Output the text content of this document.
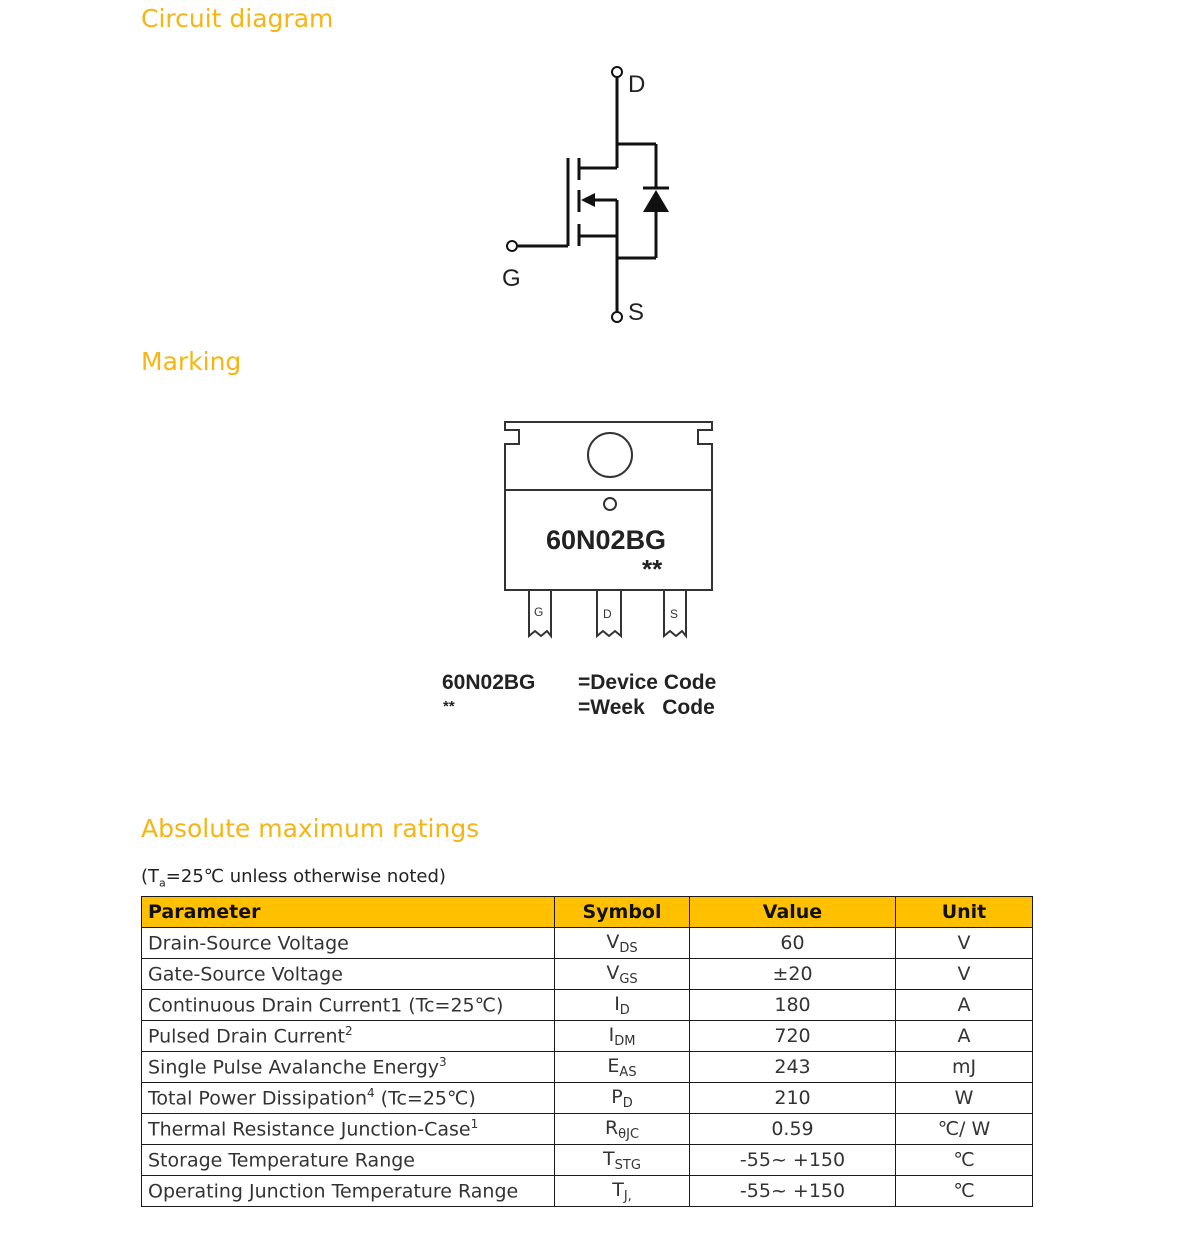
Circuit diagram
Marking
Absolute maximum ratings
D
G
S
60N02BG
**
G	D	S
60N02BG =Device Code
**	=Week   Code
($T_a=25℃$ unless otherwise noted)
Parameter	Symbol	Value	Unit
Drain-Source Voltage	$V_{DS}$	60	V
Gate-Source Voltage	$V_{GS}$	±20	V
Continuous Drain Current1 (Tc=25℃)	$I_D$	180	A
Pulsed Drain Current$^2$	$I_{DM}$	720	A
Single Pulse Avalanche Energy$^3$	$E_{AS}$	243	mJ
Total Power Dissipation$^4$ (Tc=25℃)	$P_D$	210	W
Thermal Resistance Junction-Case$^1$	$R_{\theta JC}$	0.59	℃/ W
Storage Temperature Range	$T_{STG}$	-55~ +150	℃
Operating Junction Temperature Range	$T_{J,}$	-55~ +150	℃
